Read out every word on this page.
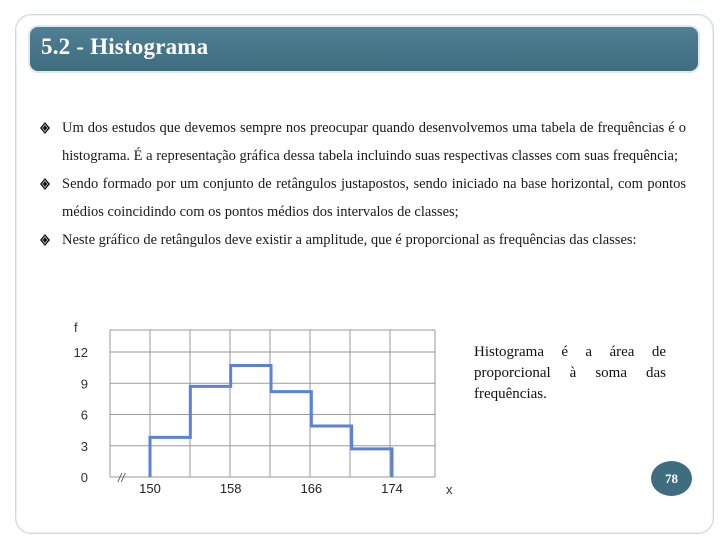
5.2 - Histograma
Um dos estudos que devemos sempre nos preocupar quando desenvolvemos uma tabela de frequências é o histograma. É a representação gráfica dessa tabela incluindo suas respectivas classes com suas frequência;
Sendo formado por um conjunto de retângulos justapostos, sendo iniciado na base horizontal, com pontos médios coincidindo com os pontos médios dos intervalos de classes;
Neste gráfico de retângulos deve existir a amplitude, que é proporcional as frequências das classes:
0
3
6
9
12
f
//
150	158	166	174	x
Histograma é a área de proporcional à soma das frequências.
78
